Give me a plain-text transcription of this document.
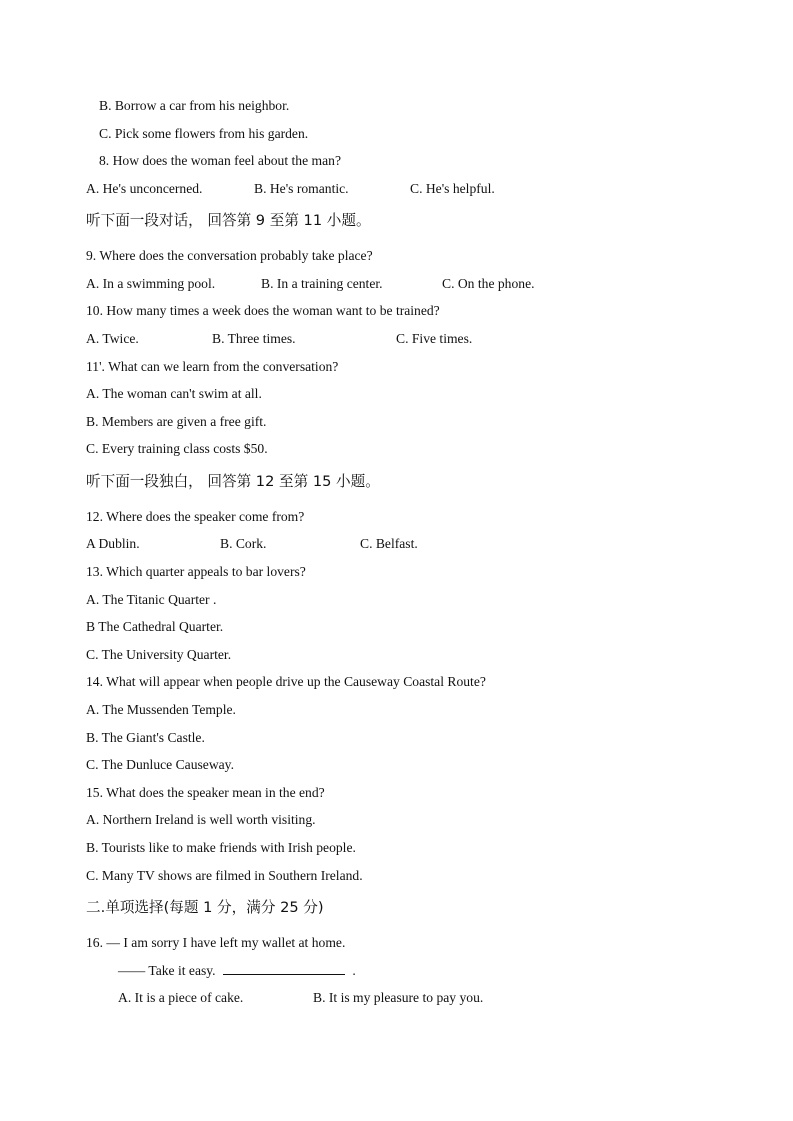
B. Borrow a car from his neighbor.
C. Pick some flowers from his garden.
8. How does the woman feel about the man?
A. He's unconcerned.	B. He's romantic.	C. He's helpful.
听下面一段对话， 回答第 9 至第 11 小题。
9. Where does the conversation probably take place?
A. In a swimming pool.	B. In a training center.	C. On the phone.
10. How many times a week does the woman want to be trained?
A. Twice.	B. Three times.	C. Five times.
11'. What can we learn from the conversation?
A. The woman can't swim at all.
B. Members are given a free gift.
C. Every training class costs $50.
听下面一段独白， 回答第 12 至第 15 小题。
12. Where does the speaker come from?
A Dublin.	B. Cork.	C. Belfast.
13. Which quarter appeals to bar lovers?
A. The Titanic Quarter .
B The Cathedral Quarter.
C. The University Quarter.
14. What will appear when people drive up the Causeway Coastal Route?
A. The Mussenden Temple.
B. The Giant's Castle.
C. The Dunluce Causeway.
15. What does the speaker mean in the end?
A. Northern Ireland is well worth visiting.
B. Tourists like to make friends with Irish people.
C. Many TV shows are filmed in Southern Ireland.
二.单项选择(每题 1 分，满分 25 分)
16. — I am sorry I have left my wallet at home.
—— Take it easy.	.
A. It is a piece of cake.	B. It is my pleasure to pay you.
